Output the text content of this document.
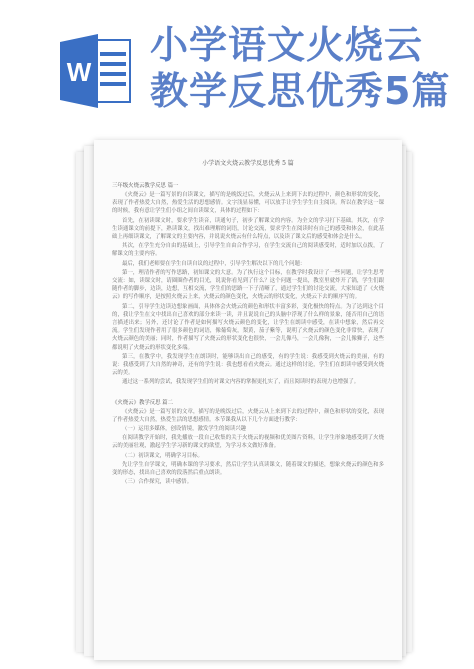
W
小学语文火烧云教学反思优秀5篇
小学语文火烧云教学反思优秀 5 篇
三年级火烧云教学反思 篇一

《火烧云》是一篇写景的自读课文，描写的是晚饭过后，火烧云从上来到下去的过程中，颜色和形状的变化，表现了作者热爱大自然，热爱生活的思想感情。文字浅显易懂，可以放手让学生学生自主阅读。所以在教学这一课的时候，我有意让学生们小组之间自读课文，具体的过程如下：

首先，在初读课文时，要求学生读音，读通句子，初步了解课文的内容。为全文的学习打下基础。其次，在学生读通课文的前提下，熟读课文，找出难理解的词语，讨论交流，要求学生在阅读时有自己的感受和体会，在此基础上再细读课文，了解课文的主要内容，并说说火烧云有什么特点，以及读了课文后的感受和体会是什么。

其次，在学生充分自由的基础上，引导学生自由合作学习，在学生交流自己的阅读感受时，适时加以点拨，了解课文的主要内容。

最后，我们老师要在学生自读自议的过程中，引导学生解决以下的几个问题：

第一，理清作者的写作思路，初知课文的大意。为了执行这个目标，在教学时我设计了一些问题，让学生思考交流：如，读课文时，请圈圈作者的目光，说说你看见到了什么？这个问题一提出，教室里就炸开了锅，学生们跟随作者的脚步，边读，边想，互相交流，学生们的思路一下子清晰了，通过学生们的讨论交流，大家知道了《火烧云》的写作顺序，是按照火烧云上来，火烧云的颜色变化，火烧云的形状变化，火烧云下去的顺序写的。

第二，引导学生边读边想象画面，具体体会火烧云的颜色和形状丰富多彩，变化极快的特点。为了达到这个目的，我让学生在文中找出自己喜欢的部分来读一读，并且说说自己的头脑中浮现了什么样的景象，能否用自己的语言描述出来；另外，还讨论了作者是如何描写火烧云颜色的变化，让学生在朗读中感受，在读中想象，然后再交流。学生们发现作者用了很多颜色的词语，像葡萄灰，梨黄，茄子紫等，说明了火烧云的颜色变化非常快，表现了火烧云颜色的美丽；同时，作者描写了火烧云的形状变化也很快，一会儿像马，一会儿像狗，一会儿像狮子，这些都说明了火烧云的形状变化多端。

第三，在教学中，我发现学生在朗读时，能够读出自己的感受，有的学生说：我感受到火烧云的美丽，有的说：我感受到了大自然的神奇，还有的学生说：我也想看看火烧云。通过这样的讨论，学生们在朗读中感受到火烧云的美。

通过这一系列的尝试，我发现学生们的对课文内容的掌握更扎实了，而且阅读时的表现力也增强了。

《火烧云》教学反思 篇二

《火烧云》是一篇写景的文章，描写的是晚饭过后，火烧云从上来到下去的过程中，颜色和形状的变化，表现了作者热爱大自然，热爱生活的思想感情。本节课我从以下几个方面进行教学：

（一）运用多媒体，创设情境，激发学生的阅读兴趣

在阅读教学开始时，我先播放一段自己收集的关于火烧云的视频和优美图片资料，让学生形象地感受到了火烧云的美丽壮观，激起学生学习新的课文的欲望，为学习本文做好准备。

（二）初读课文，明确学习目标。

先让学生自学课文，明确本课的学习要求，然后让学生认真读课文，随着课文的描述，想象火烧云的颜色和多变的形态，找出自己喜欢的段落然后重点朗读。

（三）合作探究，读中感悟。
